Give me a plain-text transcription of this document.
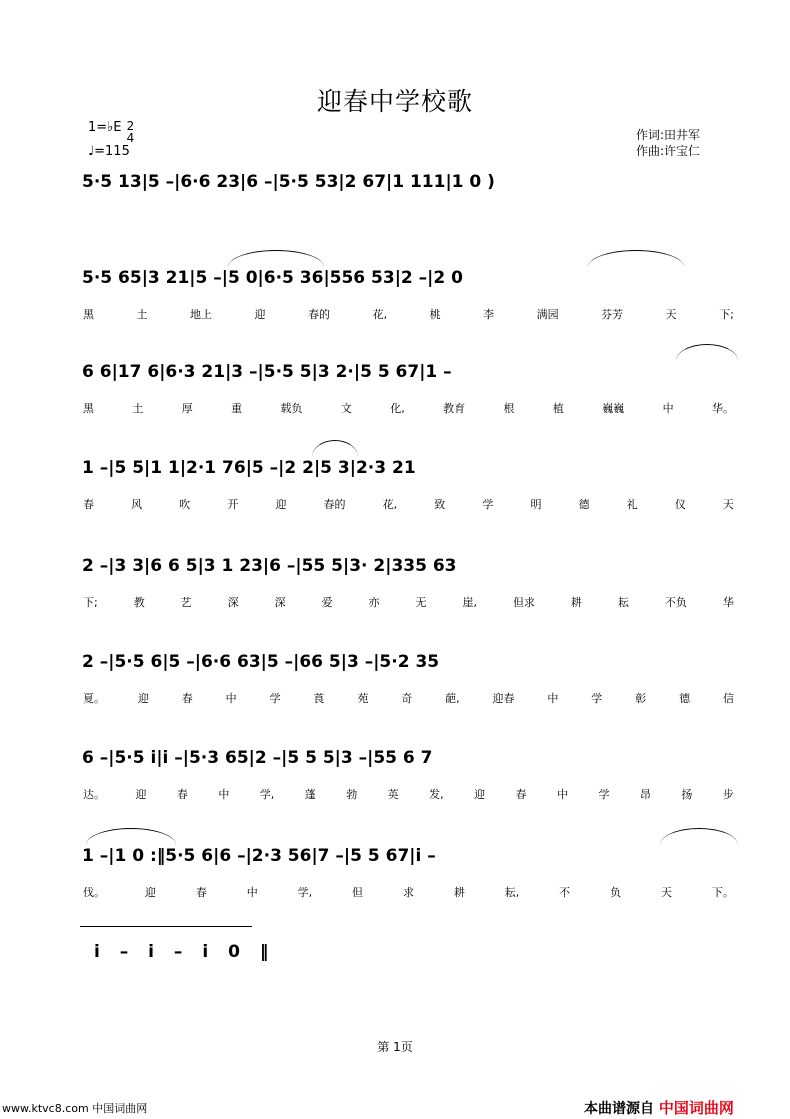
迎春中学校歌
1=♭E 2
4
♩=115
作词:田井军
作曲:许宝仁
5·5 13|5 –|6·6 23|6 –|5·5 53|2 67|1 111|1 0 )
5·5 65|3 21|5 –|5 0|6·5 36|556 53|2 –|2 0
黑	土	地上	迎	春的	花,	桃	李	满园	芬芳	天	下;
6 6|17 6|6·3 21|3 –|5·5 5|3 2·|5 5 67|1 –
黑	土	厚	重	载负	文	化,	教育	根	植	巍巍	中	华。
1 –|5 5|1 1|2·1 76|5 –|2 2|5 3|2·3 21
春	风	吹	开	迎	春的	花,	致	学	明	德	礼	仪	天
2 –|3 3|6 6 5|3 1 23|6 –|55 5|3· 2|335 63
下;	教	艺	深	深	爱	亦	无	崖,	但求	耕	耘	不负	华
2 –|5·5 6|5 –|6·6 63|5 –|66 5|3 –|5·2 35
夏。	迎	春	中	学	莨	苑	奇	葩,	迎春	中	学	彰	德	信
6 –|5·5 i|i –|5·3 65|2 –|5 5 5|3 –|55 6 7
达。	迎	春	中	学,	蓬	勃	英	发,	迎	春	中	学	昂	扬	步
1 –|1 0 :‖5·5 6|6 –|2·3 56|7 –|5 5 67|i –
伐。	迎	春	中	学,	但	求	耕	耘,	不	负	天	下。
i – i – i 0 ‖
第 1页
www.ktvc8.com 中国词曲网	本曲谱源自 中国词曲网
